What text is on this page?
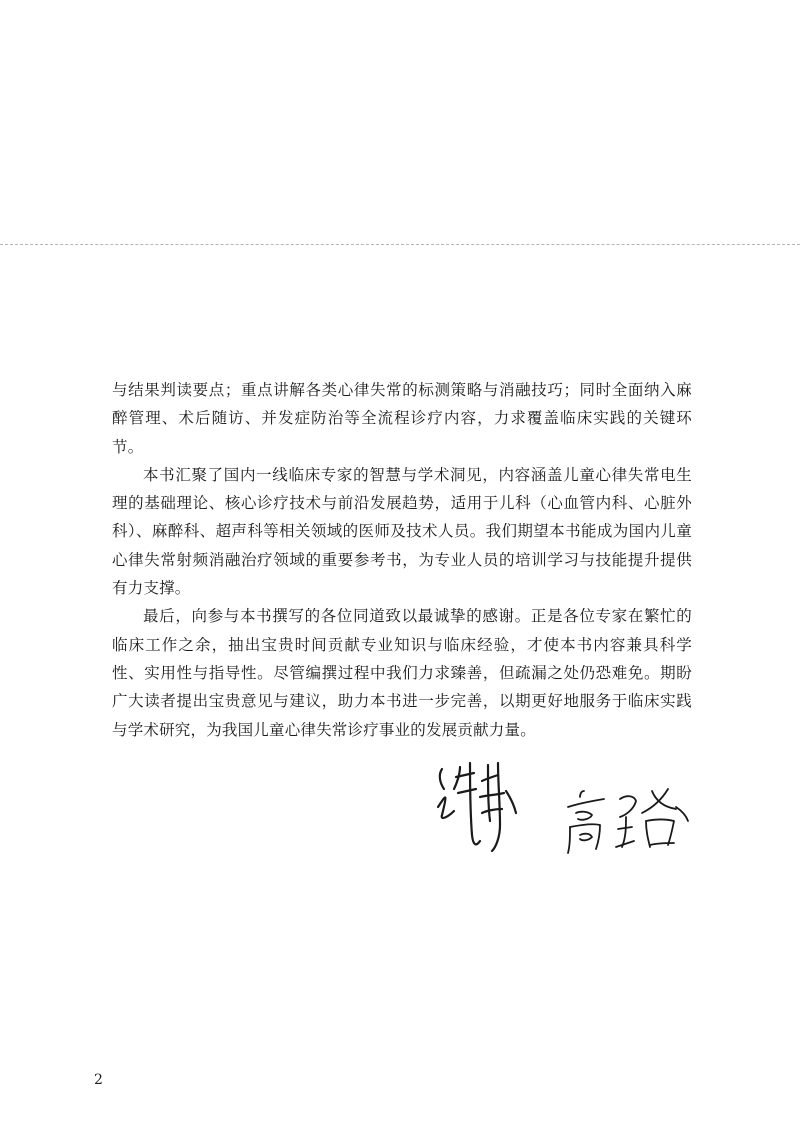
与结果判读要点；重点讲解各类心律失常的标测策略与消融技巧；同时全面纳入麻醉管理、术后随访、并发症防治等全流程诊疗内容，力求覆盖临床实践的关键环节。

本书汇聚了国内一线临床专家的智慧与学术洞见，内容涵盖儿童心律失常电生理的基础理论、核心诊疗技术与前沿发展趋势，适用于儿科（心血管内科、心脏外科）、麻醉科、超声科等相关领域的医师及技术人员。我们期望本书能成为国内儿童心律失常射频消融治疗领域的重要参考书，为专业人员的培训学习与技能提升提供有力支撑。

最后，向参与本书撰写的各位同道致以最诚挚的感谢。正是各位专家在繁忙的临床工作之余，抽出宝贵时间贡献专业知识与临床经验，才使本书内容兼具科学性、实用性与指导性。尽管编撰过程中我们力求臻善，但疏漏之处仍恐难免。期盼广大读者提出宝贵意见与建议，助力本书进一步完善，以期更好地服务于临床实践与学术研究，为我国儿童心律失常诊疗事业的发展贡献力量。

2
